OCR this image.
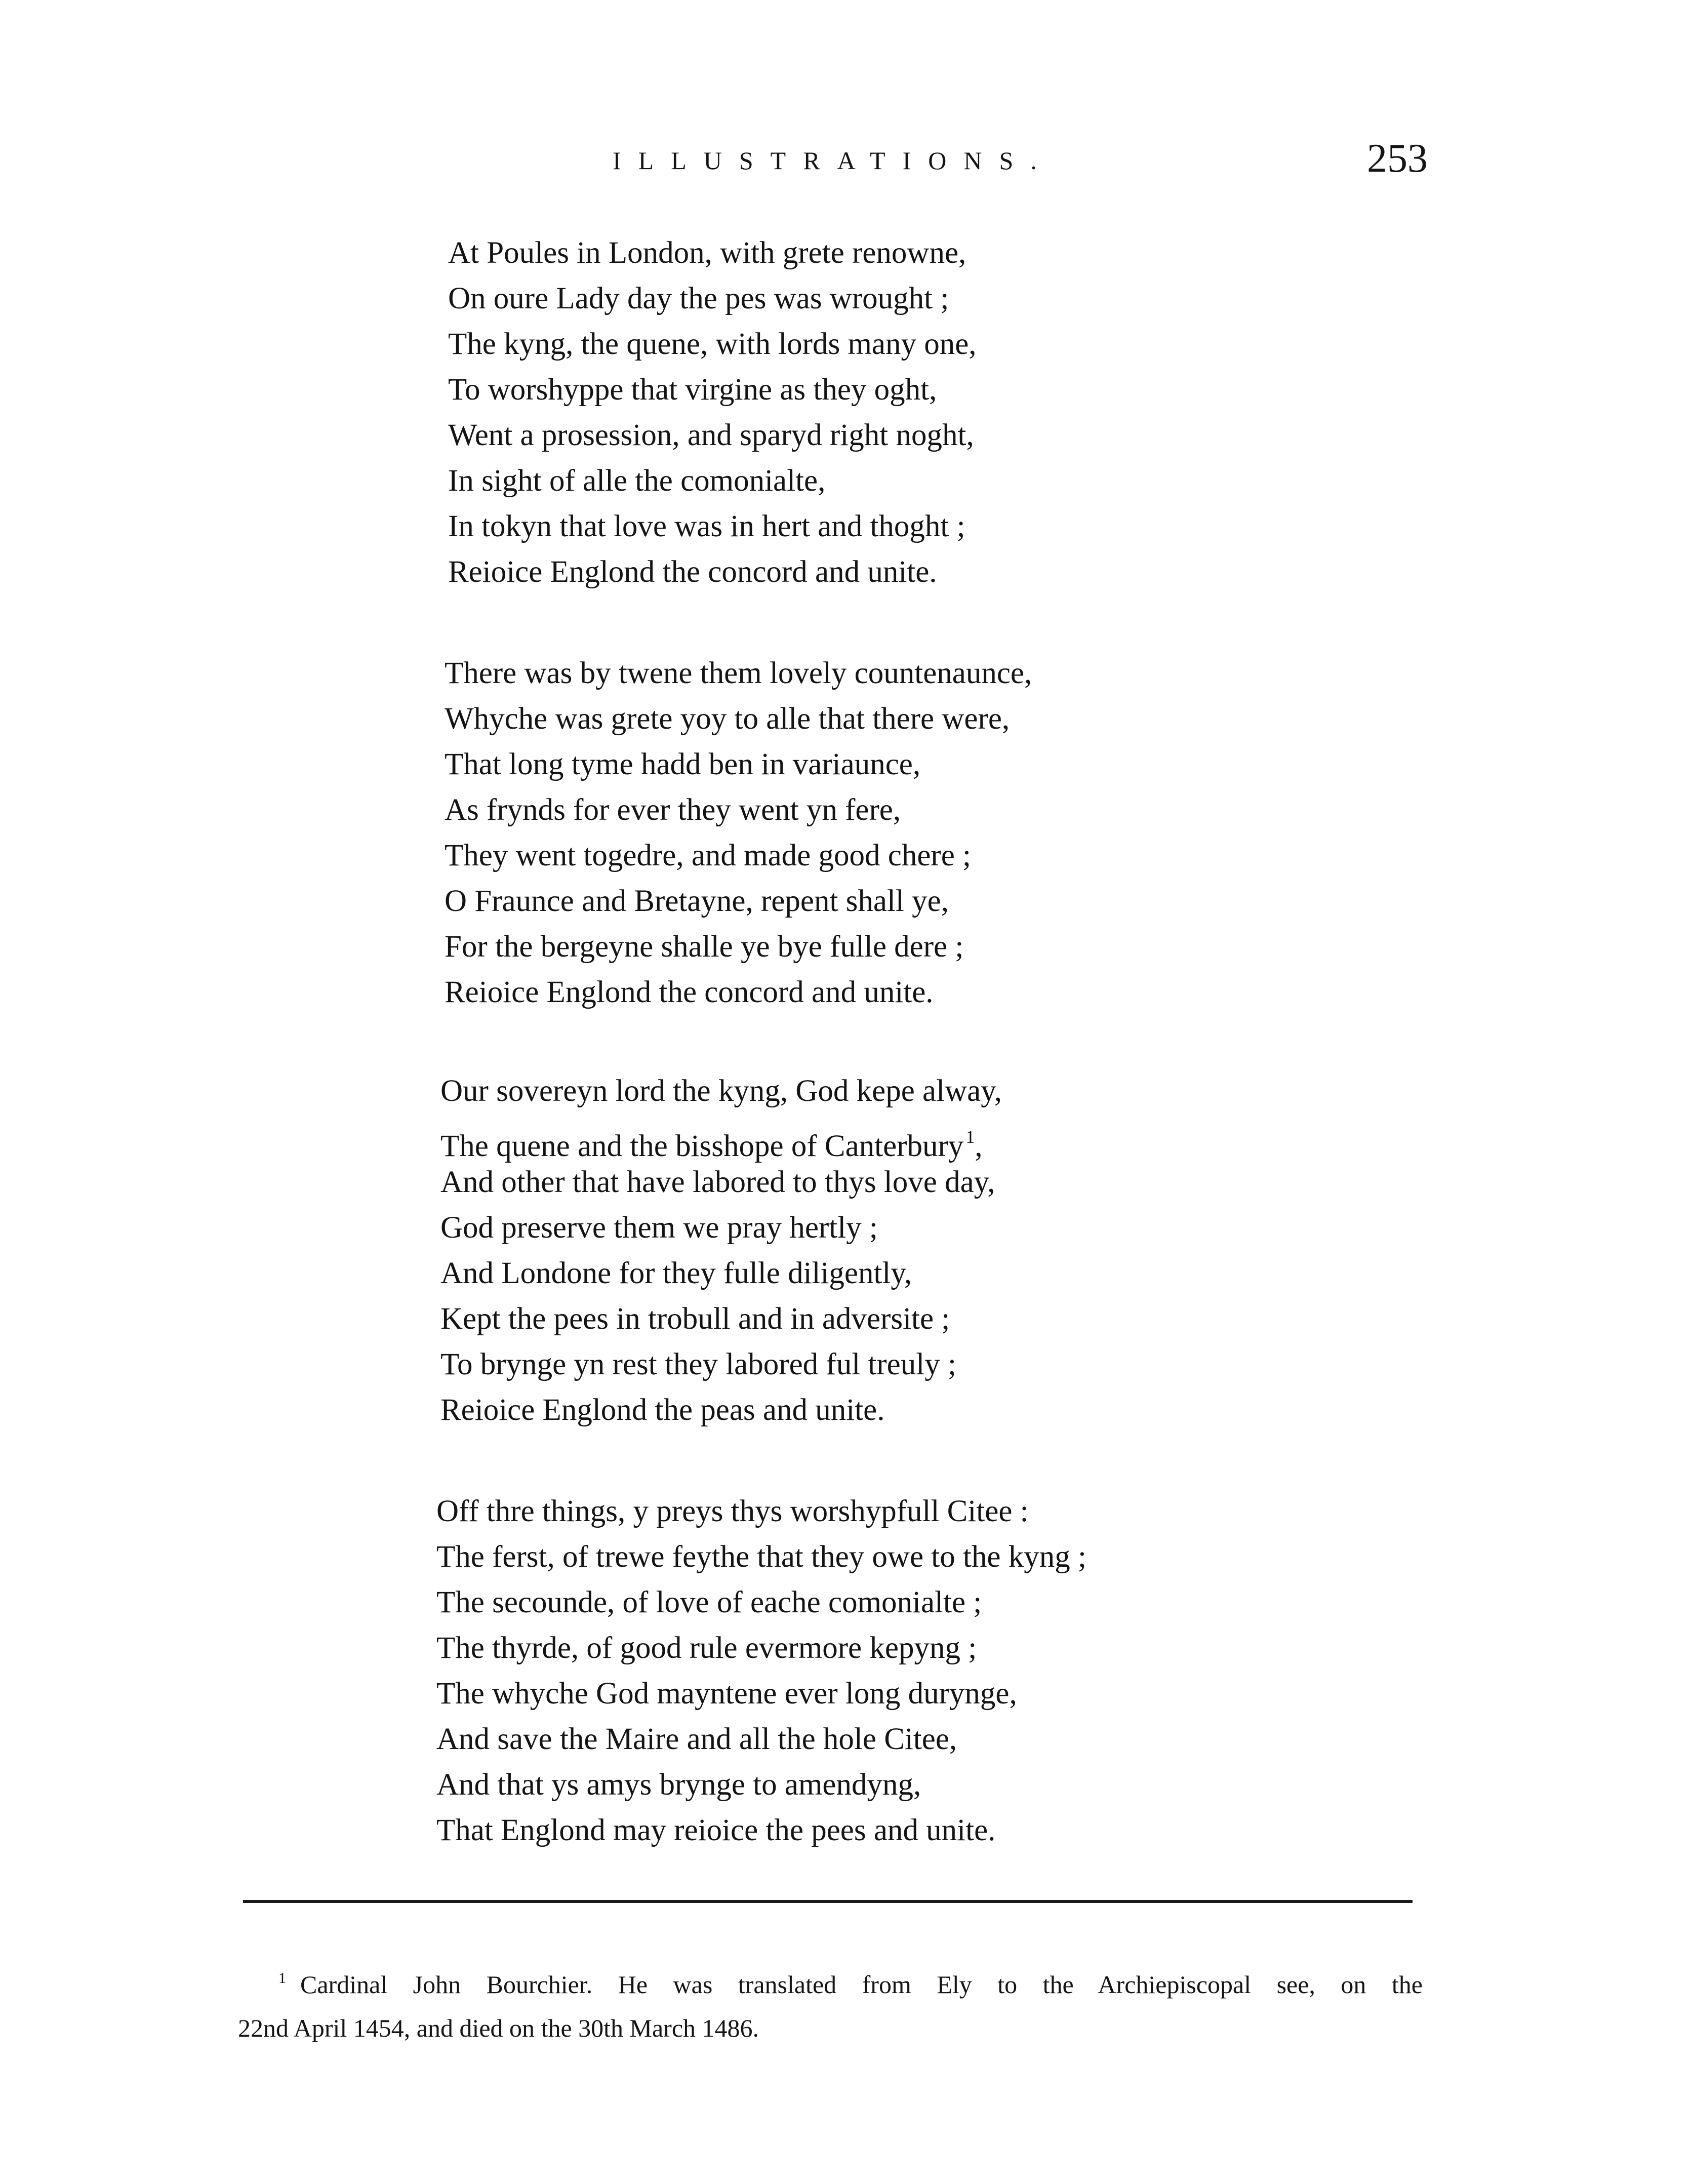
ILLUSTRATIONS.	253
At Poules in London, with grete renowne,
On oure Lady day the pes was wrought ;
The kyng, the quene, with lords many one,
To worshyppe that virgine as they oght,
Went a prosession, and sparyd right noght,
In sight of alle the comonialte,
In tokyn that love was in hert and thoght ;
Reioice Englond the concord and unite.
There was by twene them lovely countenaunce,
Whyche was grete yoy to alle that there were,
That long tyme hadd ben in variaunce,
As frynds for ever they went yn fere,
They went togedre, and made good chere ;
O Fraunce and Bretayne, repent shall ye,
For the bergeyne shalle ye bye fulle dere ;
Reioice Englond the concord and unite.
Our sovereyn lord the kyng, God kepe alway,
The quene and the bisshope of Canterbury $^1$,
And other that have labored to thys love day,
God preserve them we pray hertly ;
And Londone for they fulle diligently,
Kept the pees in trobull and in adversite ;
To brynge yn rest they labored ful treuly ;
Reioice Englond the peas and unite.
Off thre things, y preys thys worshypfull Citee :
The ferst, of trewe feythe that they owe to the kyng ;
The secounde, of love of eache comonialte ;
The thyrde, of good rule evermore kepyng ;
The whyche God mayntene ever long durynge,
And save the Maire and all the hole Citee,
And that ys amys brynge to amendyng,
That Englond may reioice the pees and unite.
$^1$ Cardinal John Bourchier. He was translated from Ely to the Archiepiscopal see, on the
22nd April 1454, and died on the 30th March 1486.
